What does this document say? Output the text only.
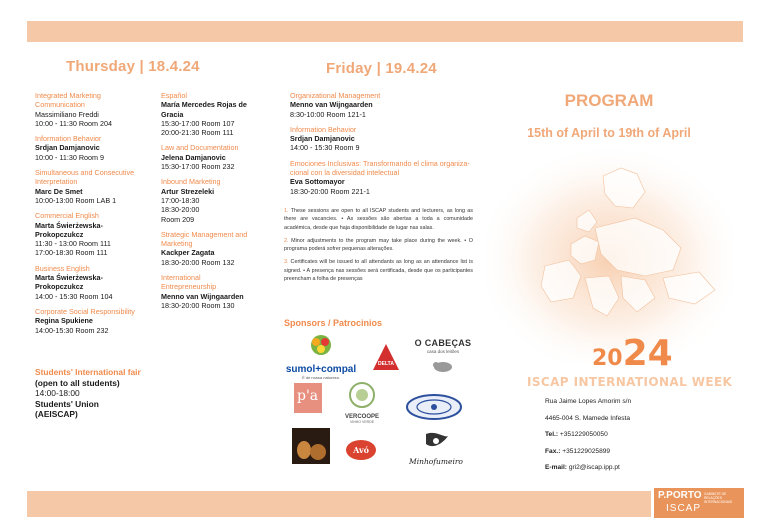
Thursday | 18.4.24	Friday | 19.4.24
Integrated Marketing Communication
Massimiliano Freddi
10:00 - 11:30 Room 204
Information Behavior
Srdjan Damjanovic
10:00 - 11:30 Room 9
Simultaneous and Consecutive Interpretation
Marc De Smet
10:00-13:00 Room LAB 1
Commercial English
Marta Świerżewska-Prokopczukcz
11:30 - 13:00 Room 111
17:00-18:30 Room 111
Business English
Marta Świerżewska-Prokopczukcz
14:00 - 15:30 Room 104
Corporate Social Responsibility
Regina Spukiene
14:00-15:30 Room 232
Students' International fair
(open to all students)
14:00-18:00
Students' Union
(AEISCAP)
Español
María Mercedes Rojas de Gracia
15:30-17:00 Room 107
20:00-21:30 Room 111
Law and Documentation
Jelena Damjanovic
15:30-17:00 Room 232
Inbound Marketing
Artur Strezeleki
17:00-18:30
18:30-20:00
Room 209
Strategic Management and Marketing
Kackper Zagata
18:30-20:00 Room 132
International Entrepreneurship
Menno van Wijngaarden
18:30-20:00 Room 130
Organizational Management
Menno van Wijngaarden
8:30-10:00 Room 121-1
Information Behavior
Srdjan Damjanovic
14:00 - 15:30 Room 9
Emociones Inclusivas: Transformando el clima organiza-cional con la diversidad intelectual
Eva Sottomayor
18:30-20:00 Room 221-1

1. These sessions are open to all ISCAP students and lecturers, as long as there are vacancies. • As sessões são abertas a toda a comunidade académica, desde que haja disponibilidade de lugar nas salas.

2. Minor adjustments to the program may take place during the week. • O programa poderá sofrer pequenas alterações.

3. Certificates will be issued to all attendants as long as an attendance list is signed. • A presença nas sessões será certificada, desde que os participantes preencham a folha de presenças

Sponsors / Patrocinios
sumol+compal
É de nossa natureza.
DELTA
O CABEÇAS
casa dos leitões
p'a
VERCOOPE
VINHO VERDE
Avó
Minhofumeiro
PROGRAM
15th of April to 19th of April
2024
ISCAP INTERNATIONAL WEEK
Rua Jaime Lopes Amorim s/n
4465-004 S. Mamede Infesta
Tel.: +351229050050
Fax.: +351229025899
E-mail: gri2@iscap.ipp.pt
P.PORTO
ISCAP
GABINETE DE RELAÇÕES INTERNACIONAIS
